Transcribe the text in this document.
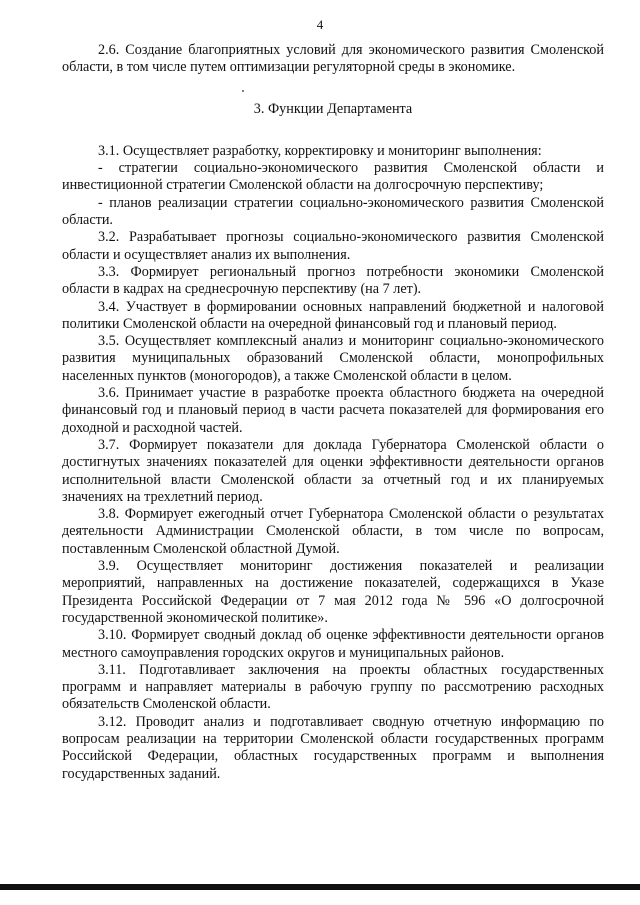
4

2.6. Создание благоприятных условий для экономического развития Смоленской области, в том числе путем оптимизации регуляторной среды в экономике.

3. Функции Департамента

3.1. Осуществляет разработку, корректировку и мониторинг выполнения:

- стратегии социально-экономического развития Смоленской области и инвестиционной стратегии Смоленской области на долгосрочную перспективу;

- планов реализации стратегии социально-экономического развития Смоленской области.

3.2. Разрабатывает прогнозы социально-экономического развития Смоленской области и осуществляет анализ их выполнения.

3.3. Формирует региональный прогноз потребности экономики Смоленской области в кадрах на среднесрочную перспективу (на 7 лет).

3.4. Участвует в формировании основных направлений бюджетной и налоговой политики Смоленской области на очередной финансовый год и плановый период.

3.5. Осуществляет комплексный анализ и мониторинг социально-экономического развития муниципальных образований Смоленской области, монопрофильных населенных пунктов (моногородов), а также Смоленской области в целом.

3.6. Принимает участие в разработке проекта областного бюджета на очередной финансовый год и плановый период в части расчета показателей для формирования его доходной и расходной частей.

3.7. Формирует показатели для доклада Губернатора Смоленской области о достигнутых значениях показателей для оценки эффективности деятельности органов исполнительной власти Смоленской области за отчетный год и их планируемых значениях на трехлетний период.

3.8. Формирует ежегодный отчет Губернатора Смоленской области о результатах деятельности Администрации Смоленской области, в том числе по вопросам, поставленным Смоленской областной Думой.

3.9. Осуществляет мониторинг достижения показателей и реализации мероприятий, направленных на достижение показателей, содержащихся в Указе Президента Российской Федерации от 7 мая 2012 года № 596 «О долгосрочной государственной экономической политике».

3.10. Формирует сводный доклад об оценке эффективности деятельности органов местного самоуправления городских округов и муниципальных районов.

3.11. Подготавливает заключения на проекты областных государственных программ и направляет материалы в рабочую группу по рассмотрению расходных обязательств Смоленской области.

3.12. Проводит анализ и подготавливает сводную отчетную информацию по вопросам реализации на территории Смоленской области государственных программ Российской Федерации, областных государственных программ и выполнения государственных заданий.
